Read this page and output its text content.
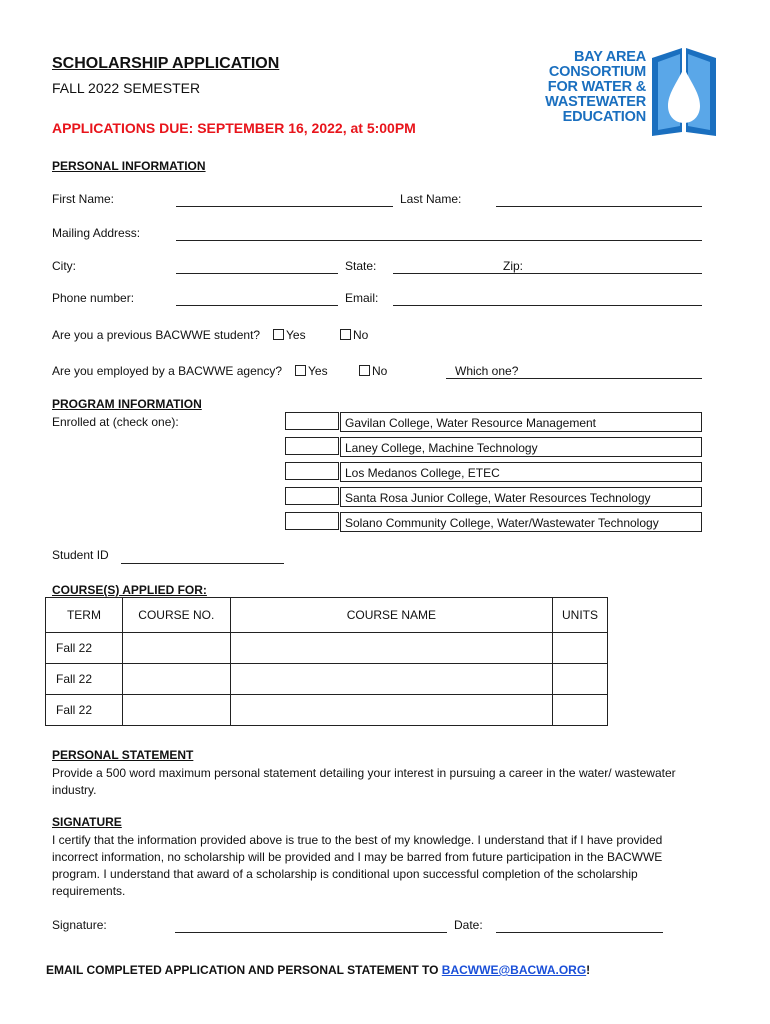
SCHOLARSHIP APPLICATION
FALL 2022 SEMESTER
APPLICATIONS DUE: SEPTEMBER 16, 2022, at 5:00PM
BAY AREA
CONSORTIUM
FOR WATER &
WASTEWATER
EDUCATION
PERSONAL INFORMATION
First Name:	Last Name:
Mailing Address:
City:	State:	Zip:
Phone number:	Email:
Are you a previous BACWWE student?	Yes	No
Are you employed by a BACWWE agency?	Yes	No	Which one?
PROGRAM INFORMATION
Enrolled at (check one):	Gavilan College, Water Resource Management
Laney College, Machine Technology
Los Medanos College, ETEC
Santa Rosa Junior College, Water Resources Technology
Solano Community College, Water/Wastewater Technology
Student ID
COURSE(S) APPLIED FOR:
TERM	COURSE NO.	COURSE NAME	UNITS
Fall 22			
Fall 22			
Fall 22			
PERSONAL STATEMENT
Provide a 500 word maximum personal statement detailing your interest in pursuing a career in the water/ wastewater industry.
SIGNATURE
I certify that the information provided above is true to the best of my knowledge. I understand that if I have provided incorrect information, no scholarship will be provided and I may be barred from future participation in the BACWWE program. I understand that award of a scholarship is conditional upon successful completion of the scholarship requirements.
Signature:	Date:
EMAIL COMPLETED APPLICATION AND PERSONAL STATEMENT TO BACWWE@BACWA.ORG!
